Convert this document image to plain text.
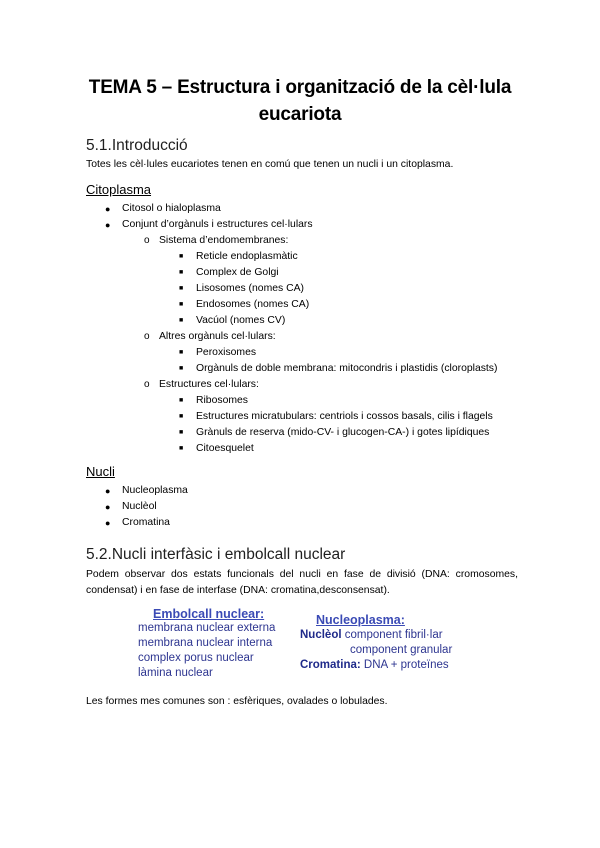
TEMA 5 – Estructura i organització de la cèl·lula
eucariota
5.1.Introducció
Totes les cèl·lules eucariotes tenen en comú que tenen un nucli i un citoplasma.
Citoplasma
● Citosol o hialoplasma
● Conjunt d’orgànuls i estructures cel·lulars
o Sistema d’endomembranes:
■ Reticle endoplasmàtic
■ Complex de Golgi
■ Lisosomes (nomes CA)
■ Endosomes (nomes CA)
■ Vacúol (nomes CV)
o Altres orgànuls cel·lulars:
■ Peroxisomes
■ Orgànuls de doble membrana: mitocondris i plastidis (cloroplasts)
o Estructures cel·lulars:
■ Ribosomes
■ Estructures micratubulars: centriols i cossos basals, cilis i flagels
■ Grànuls de reserva (mido-CV- i glucogen-CA-) i gotes lipídiques
■ Citoesquelet
Nucli
● Nucleoplasma
● Nuclèol
● Cromatina
5.2.Nucli interfàsic i embolcall nuclear
Podem observar dos estats funcionals del nucli en fase de divisió (DNA: cromosomes, condensat) i en fase de interfase (DNA: cromatina,desconsensat).
Embolcall nuclear:
membrana nuclear externa
membrana nuclear interna
complex porus nuclear
làmina nuclear
Nucleoplasma:
Nuclèol component fibril·lar
component granular
Cromatina: DNA + proteïnes
Les formes mes comunes son : esfèriques, ovalades o lobulades.
